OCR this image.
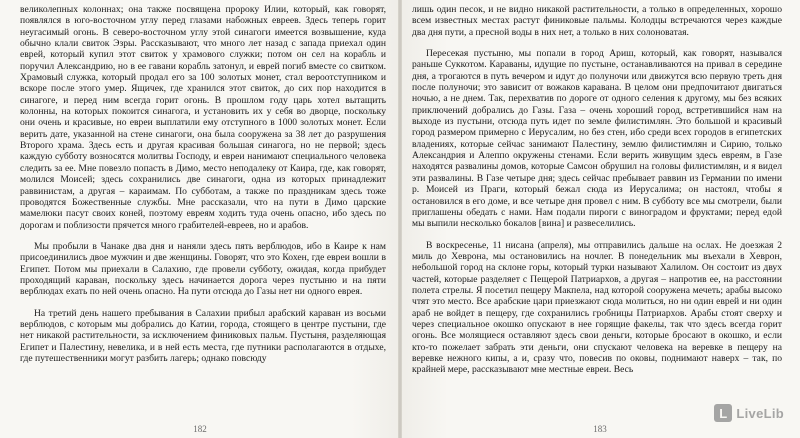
великолепных колоннах; она также посвящена пророку Илии, который, как говорят, появлялся в юго-восточном углу перед глазами набожных евреев. Здесь теперь горит неугасимый огонь. В северо-восточном углу этой синагоги имеется возвышение, куда обычно клали свиток Эзры. Рассказывают, что много лет назад с запада приехал один еврей, который купил этот свиток у храмового служки; потом он сел на корабль и поручил Александрию, но в ее гавани корабль затонул, и еврей погиб вместе со свитком. Храмовый служка, который продал его за 100 золотых монет, стал вероотступником и вскоре после этого умер. Ящичек, где хранился этот свиток, до сих пор находится в синагоге, и перед ним всегда горит огонь. В прошлом году царь хотел вытащить колонны, на которых покоится синагога, и установить их у себя во дворце, поскольку они очень и красивые, но евреи выплатили ему отступного в 1000 золотых монет. Если верить дате, указанной на стене синагоги, она была сооружена за 38 лет до разрушения Второго храма. Здесь есть и другая красивая большая синагога, но не первой; здесь каждую субботу возносятся молитвы Господу, и евреи нанимают специального человека следить за ее. Мне повезло попасть в Димо, место неподалеку от Каира, где, как говорят, молился Моисей; здесь сохранились две синагоги, одна из которых принадлежит раввинистам, а другая – караимам. По субботам, а также по праздникам здесь тоже проводятся Божественные службы. Мне рассказали, что на пути в Димо царские мамелюки пасут своих коней, поэтому евреям ходить туда очень опасно, ибо здесь по дорогам и поблизости прячется много грабителей-евреев, но и арабов.

Мы пробыли в Чанаке два дня и наняли здесь пять верблюдов, ибо в Каире к нам присоединились двое мужчин и две женщины. Говорят, что это Кохен, где евреи вошли в Египет. Потом мы приехали в Салахию, где провели субботу, ожидая, когда прибудет проходящий караван, поскольку здесь начинается дорога через пустыню и на пяти верблюдах ехать по ней очень опасно. На пути отсюда до Газы нет ни одного еврея.

На третий день нашего пребывания в Салахии прибыл арабский караван из восьми верблюдов, с которым мы добрались до Катии, города, стоящего в центре пустыни, где нет никакой растительности, за исключением финиковых пальм. Пустыня, разделяющая Египет и Палестину, невелика, и в ней есть места, где путники располагаются в отдыхе, где путешественники могут разбить лагерь; однако повсюду

182

лишь один песок, и не видно никакой растительности, а только в определенных, хорошо всем известных местах растут финиковые пальмы. Колодцы встречаются через каждые два дня пути, а пресной воды в них нет, а только в них солоноватая.

Пересекая пустыню, мы попали в город Ариш, который, как говорят, назывался раньше Суккотом. Караваны, идущие по пустыне, останавливаются на привал в середине дня, а трогаются в путь вечером и идут до полуночи или движутся всю первую треть дня после полуночи; это зависит от вожаков каравана. В целом они предпочитают двигаться ночью, а не днем. Так, перехватив по дороге от одного селения к другому, мы без всяких приключений добрались до Газы. Газа – очень хороший город, встретившийся нам на выходе из пустыни, отсюда путь идет по земле филистимлян. Это большой и красивый город размером примерно с Иерусалим, но без стен, ибо среди всех городов в египетских владениях, которые сейчас занимают Палестину, землю филистимлян и Сирию, только Александрия и Алеппо окружены стенами. Если верить живущим здесь евреям, в Газе находятся развалины домов, которые Самсон обрушил на головы филистимлян, и я видел эти развалины. В Газе четыре дня; здесь сейчас пребывает раввин из Германии по имени р. Моисей из Праги, который бежал сюда из Иерусалима; он настоял, чтобы я остановился в его доме, и все четыре дня провел с ним. В субботу все мы смотрели, были приглашены обедать с нами. Нам подали пироги с виноградом и фруктами; перед едой мы выпили несколько бокалов [вина] и развеселились.

В воскресенье, 11 нисана (апреля), мы отправились дальше на ослах. Не доезжая 2 миль до Хеврона, мы остановились на ночлег. В понедельник мы въехали в Хеврон, небольшой город на склоне горы, который турки называют Халилом. Он состоит из двух частей, которые разделяет с Пещерой Патриархов, а другая – напротив ее, на расстоянии полета стрелы. Я посетил пещеру Макпела, над которой сооружена мечеть; арабы высоко чтят это место. Все арабские цари приезжают сюда молиться, но ни один еврей и ни один араб не войдет в пещеру, где сохранились гробницы Патриархов. Арабы стоят сверху и через специальное окошко опускают в нее горящие факелы, так что здесь всегда горит огонь. Все молящиеся оставляют здесь свои деньги, которые бросают в окошко, и если кто-то пожелает забрать эти деньги, они спускают человека на веревке в пещеру на веревке нежного кипы, а и, сразу что, повесив по оковы, поднимают наверх – так, по крайней мере, рассказывают мне местные евреи. Весь

183
L LiveLib
